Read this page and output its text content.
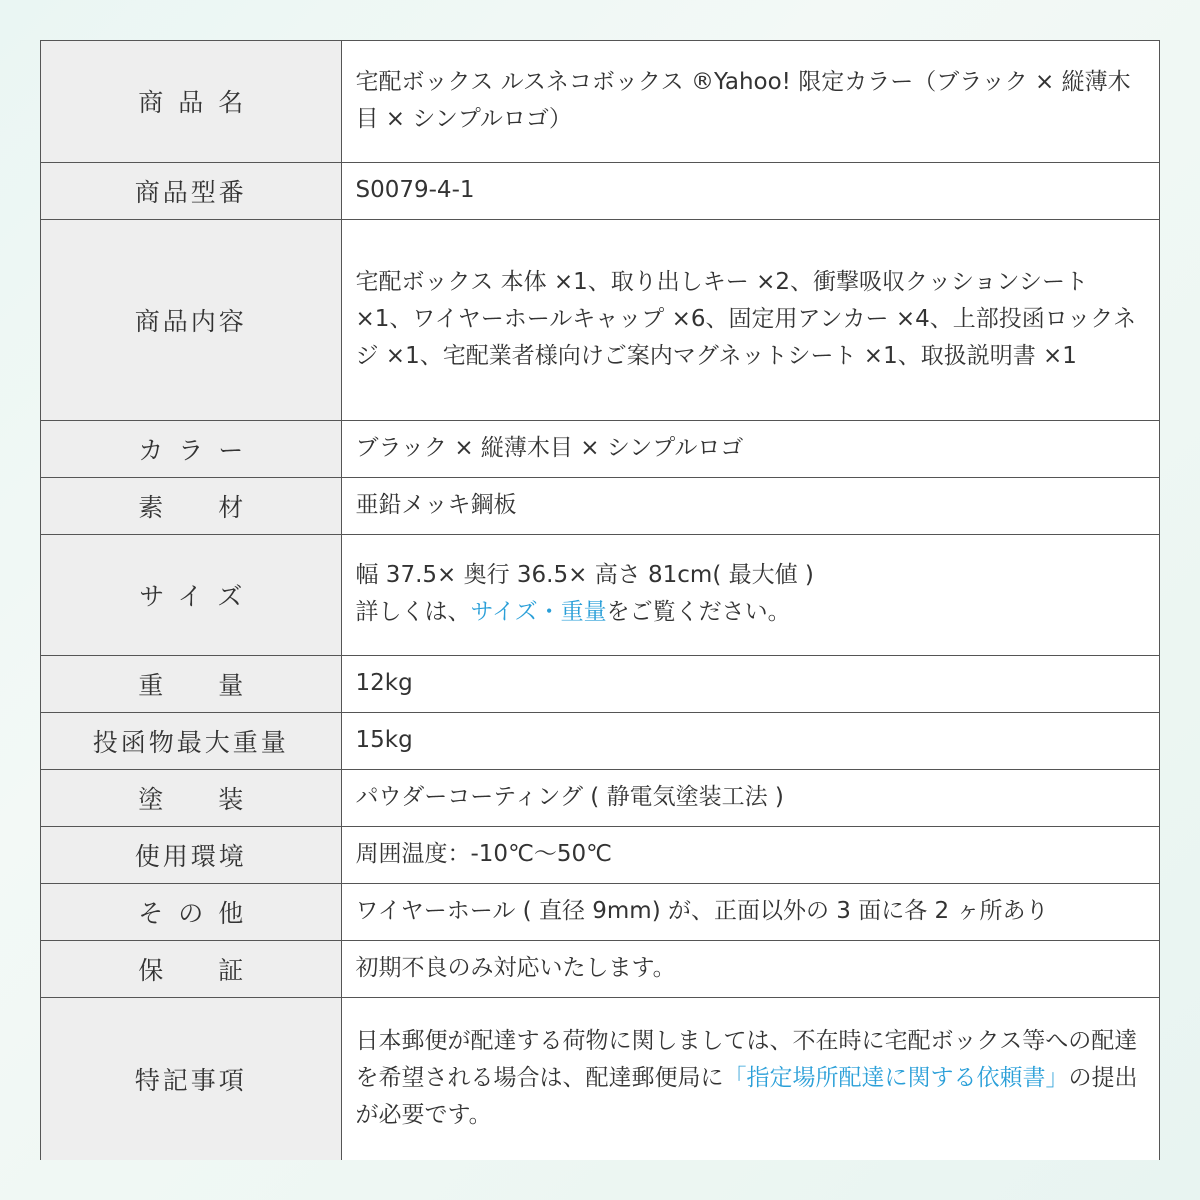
商品名	宅配ボックス ルスネコボックス ®Yahoo! 限定カラー（ブラック × 縦薄木目 × シンプルロゴ）
商品型番	S0079-4-1
商品内容	宅配ボックス 本体 ×1、取り出しキー ×2、衝撃吸収クッションシート ×1、ワイヤーホールキャップ ×6、固定用アンカー ×4、上部投函ロックネジ ×1、宅配業者様向けご案内マグネットシート ×1、取扱説明書 ×1
カラー	ブラック × 縦薄木目 × シンプルロゴ
素材	亜鉛メッキ鋼板
サイズ	幅 37.5× 奥行 36.5× 高さ 81cm( 最大値 )
詳しくは、サイズ・重量をご覧ください。

重量	12kg
投函物最大重量	15kg
塗装	パウダーコーティング ( 静電気塗装工法 )
使用環境	周囲温度：-10℃～50℃
その他	ワイヤーホール ( 直径 9mm) が、正面以外の 3 面に各 2 ヶ所あり
保証	初期不良のみ対応いたします。
特記事項	日本郵便が配達する荷物に関しましては、不在時に宅配ボックス等への配達を希望される場合は、配達郵便局に「指定場所配達に関する依頼書」の提出が必要です。
